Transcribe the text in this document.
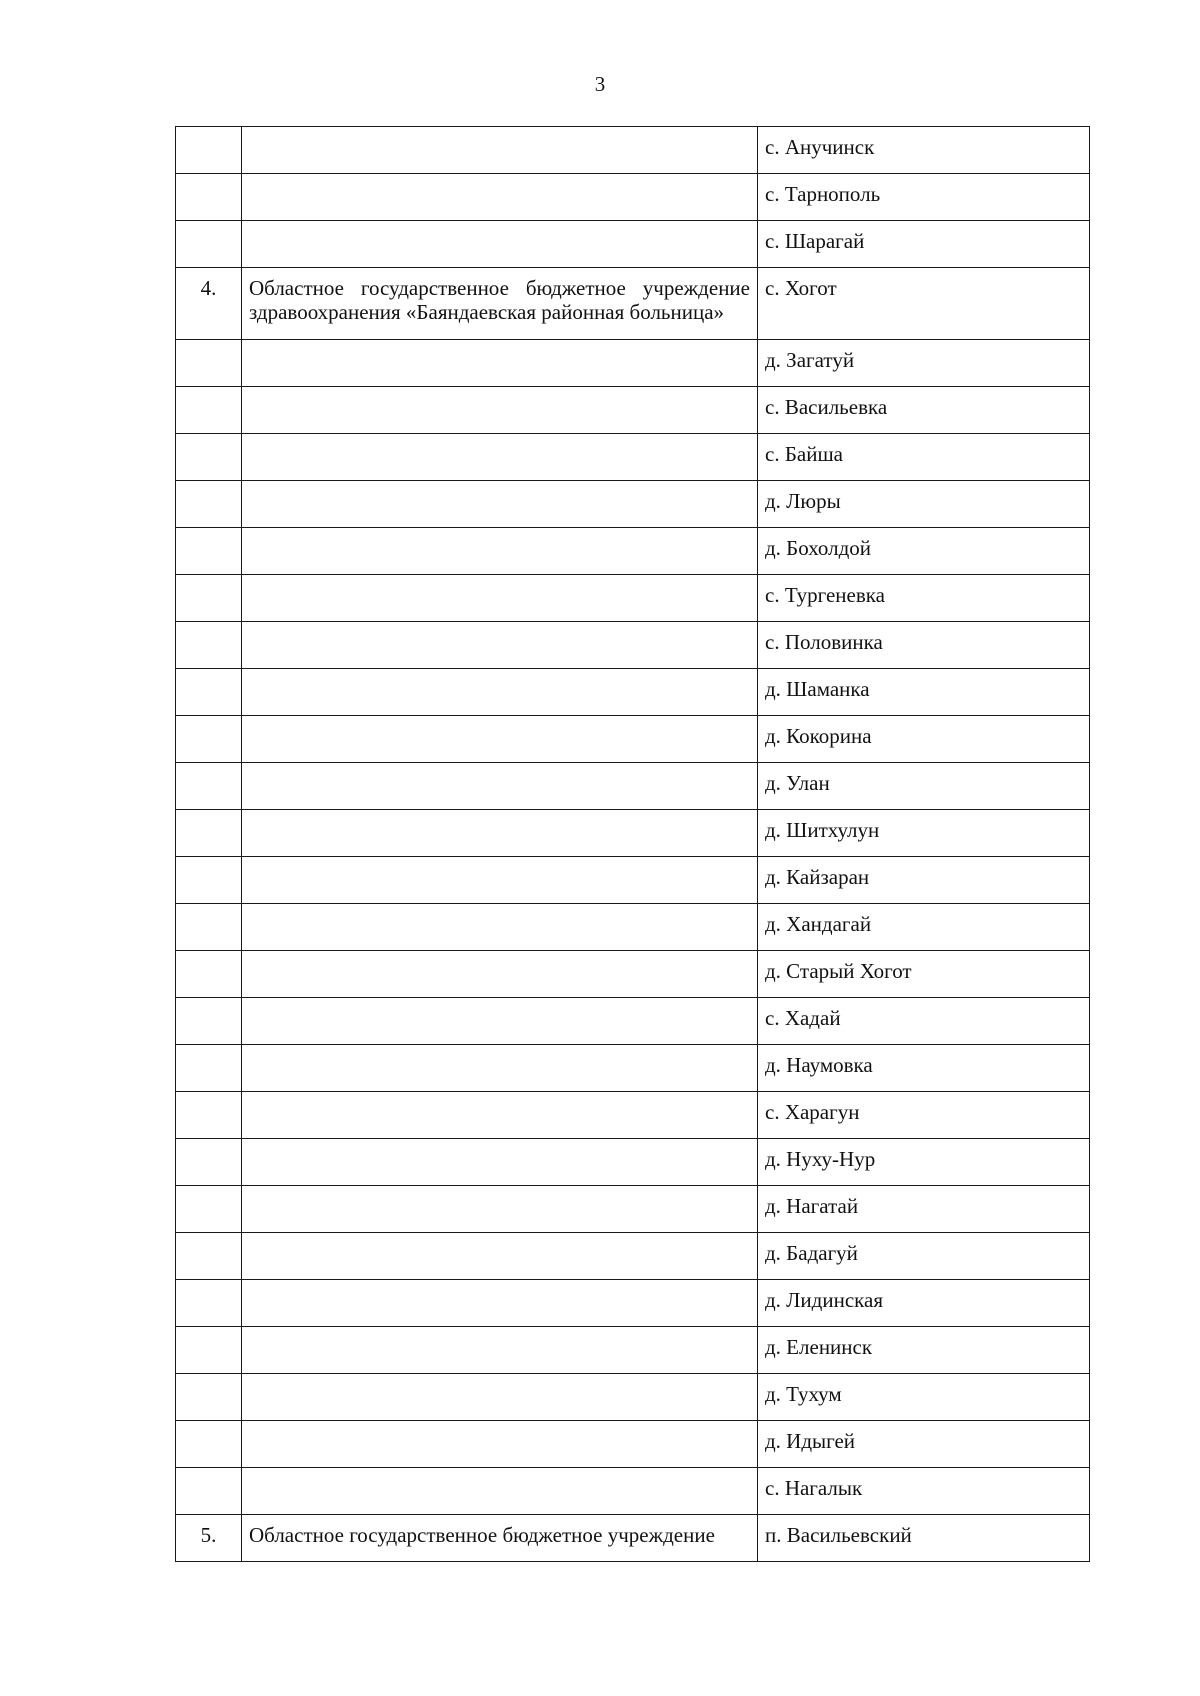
3
		с. Анучинск
		с. Тарнополь
		с. Шарагай
4.	Областное государственное бюджетное учреждение здравоохранения «Баяндаевская районная больница»	с. Хогот
		д. Загатуй
		с. Васильевка
		с. Байша
		д. Люры
		д. Бохолдой
		с. Тургеневка
		с. Половинка
		д. Шаманка
		д. Кокорина
		д. Улан
		д. Шитхулун
		д. Кайзаран
		д. Хандагай
		д. Старый Хогот
		с. Хадай
		д. Наумовка
		с. Харагун
		д. Нуху-Нур
		д. Нагатай
		д. Бадагуй
		д. Лидинская
		д. Еленинск
		д. Тухум
		д. Идыгей
		с. Нагалык
5.	Областное государственное бюджетное учреждение	п. Васильевский
